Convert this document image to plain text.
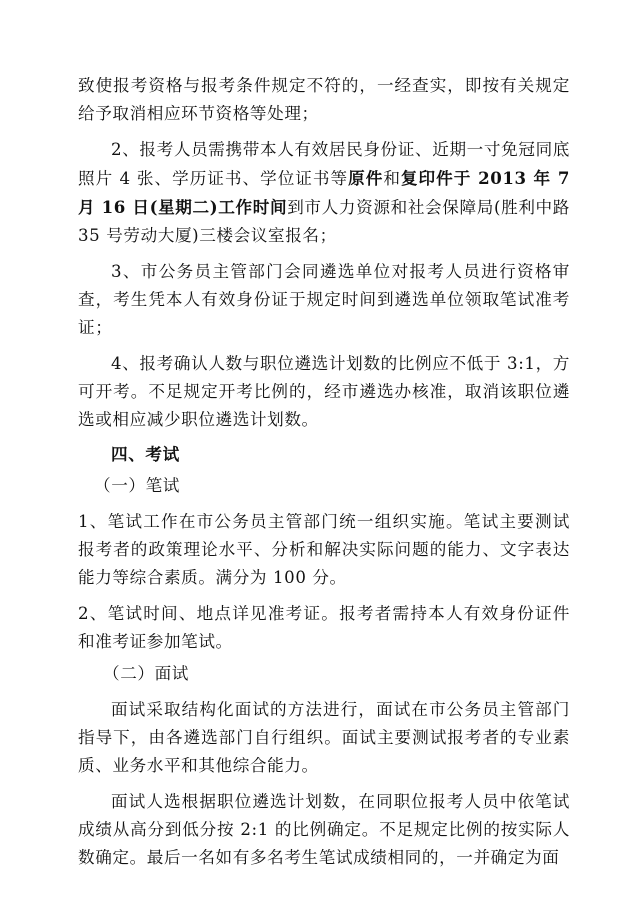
致使报考资格与报考条件规定不符的，一经查实，即按有关规定给予取消相应环节资格等处理；

2、报考人员需携带本人有效居民身份证、近期一寸免冠同底照片 4 张、学历证书、学位证书等原件和复印件于 2013 年 7 月 16 日(星期二)工作时间到市人力资源和社会保障局(胜利中路 35 号劳动大厦)三楼会议室报名；

3、市公务员主管部门会同遴选单位对报考人员进行资格审查，考生凭本人有效身份证于规定时间到遴选单位领取笔试准考证；

4、报考确认人数与职位遴选计划数的比例应不低于 3:1，方可开考。不足规定开考比例的，经市遴选办核准，取消该职位遴选或相应减少职位遴选计划数。

四、考试

（一）笔试

1、笔试工作在市公务员主管部门统一组织实施。笔试主要测试报考者的政策理论水平、分析和解决实际问题的能力、文字表达能力等综合素质。满分为 100 分。

2、笔试时间、地点详见准考证。报考者需持本人有效身份证件和准考证参加笔试。

（二）面试

面试采取结构化面试的方法进行，面试在市公务员主管部门指导下，由各遴选部门自行组织。面试主要测试报考者的专业素质、业务水平和其他综合能力。

面试人选根据职位遴选计划数，在同职位报考人员中依笔试成绩从高分到低分按 2:1 的比例确定。不足规定比例的按实际人数确定。最后一名如有多名考生笔试成绩相同的，一并确定为面
